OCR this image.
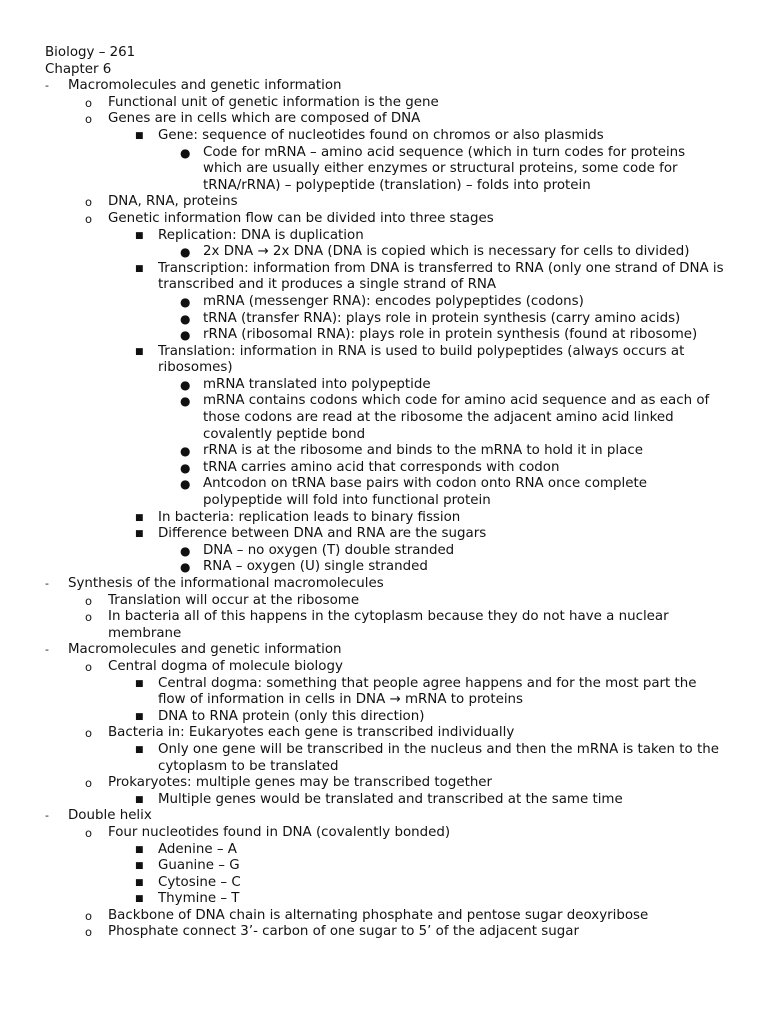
Biology – 261
Chapter 6
- Macromolecules and genetic information
o Functional unit of genetic information is the gene
o Genes are in cells which are composed of DNA
■ Gene: sequence of nucleotides found on chromos or also plasmids
● Code for mRNA – amino acid sequence (which in turn codes for proteins which are usually either enzymes or structural proteins, some code for tRNA/rRNA) – polypeptide (translation) – folds into protein
o DNA, RNA, proteins
o Genetic information flow can be divided into three stages
■ Replication: DNA is duplication
● 2x DNA → 2x DNA (DNA is copied which is necessary for cells to divided)
■ Transcription: information from DNA is transferred to RNA (only one strand of DNA is transcribed and it produces a single strand of RNA
● mRNA (messenger RNA): encodes polypeptides (codons)
● tRNA (transfer RNA): plays role in protein synthesis (carry amino acids)
● rRNA (ribosomal RNA): plays role in protein synthesis (found at ribosome)
■ Translation: information in RNA is used to build polypeptides (always occurs at ribosomes)
● mRNA translated into polypeptide
● mRNA contains codons which code for amino acid sequence and as each of those codons are read at the ribosome the adjacent amino acid linked covalently peptide bond
● rRNA is at the ribosome and binds to the mRNA to hold it in place
● tRNA carries amino acid that corresponds with codon
● Antcodon on tRNA base pairs with codon onto RNA once complete polypeptide will fold into functional protein
■ In bacteria: replication leads to binary fission
■ Difference between DNA and RNA are the sugars
● DNA – no oxygen (T) double stranded
● RNA – oxygen (U) single stranded
- Synthesis of the informational macromolecules
o Translation will occur at the ribosome
o In bacteria all of this happens in the cytoplasm because they do not have a nuclear membrane
- Macromolecules and genetic information
o Central dogma of molecule biology
■ Central dogma: something that people agree happens and for the most part the flow of information in cells in DNA → mRNA to proteins
■ DNA to RNA protein (only this direction)
o Bacteria in: Eukaryotes each gene is transcribed individually
■ Only one gene will be transcribed in the nucleus and then the mRNA is taken to the cytoplasm to be translated
o Prokaryotes: multiple genes may be transcribed together
■ Multiple genes would be translated and transcribed at the same time
- Double helix
o Four nucleotides found in DNA (covalently bonded)
■ Adenine – A
■ Guanine – G
■ Cytosine – C
■ Thymine – T
o Backbone of DNA chain is alternating phosphate and pentose sugar deoxyribose
o Phosphate connect 3’- carbon of one sugar to 5’ of the adjacent sugar
